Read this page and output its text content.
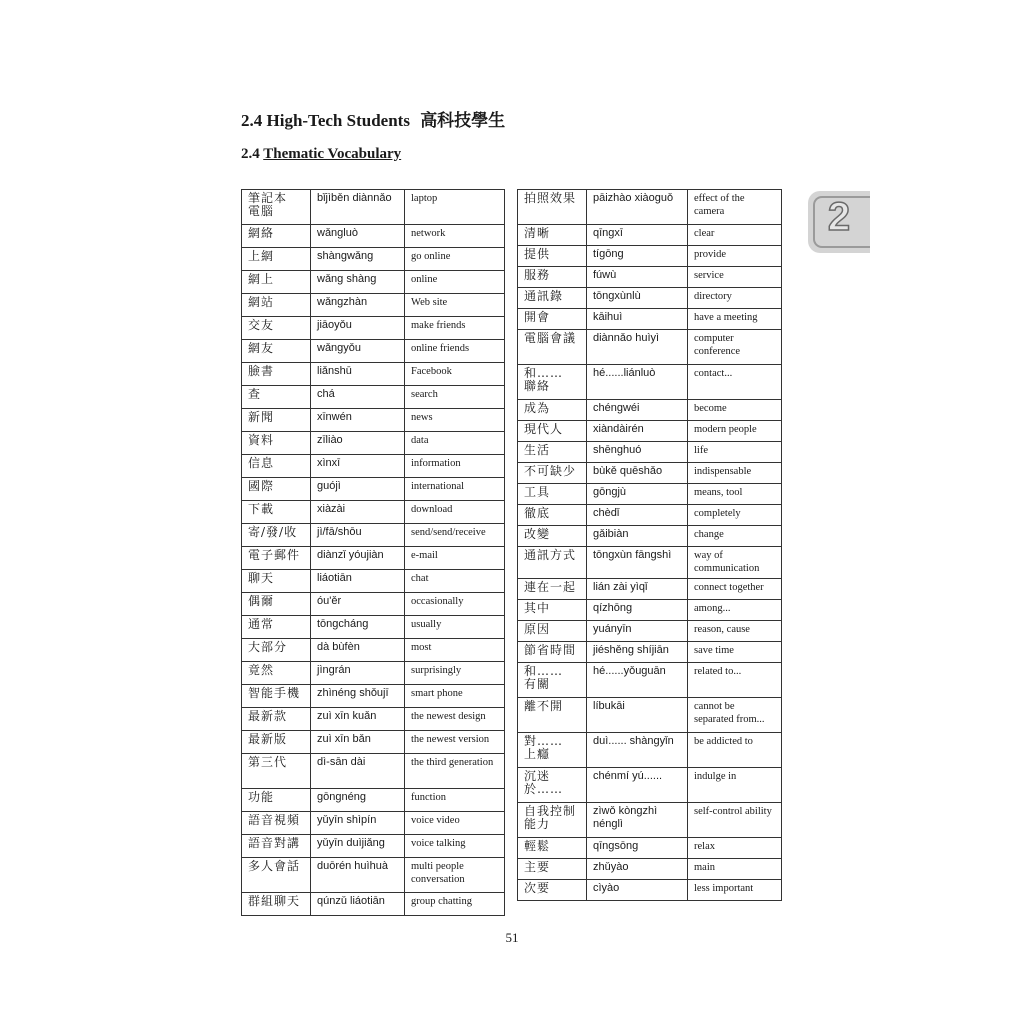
2.4 High-Tech Students 高科技學生
2.4 Thematic Vocabulary
筆記本 電腦	bǐjìběn diànnǎo	laptop
網絡	wǎngluò	network
上網	shàngwǎng	go online
網上	wǎng shàng	online
網站	wǎngzhàn	Web site
交友	jiāoyǒu	make friends
網友	wǎngyǒu	online friends
臉書	liǎnshū	Facebook
查	chá	search
新聞	xīnwén	news
資料	zīliào	data
信息	xìnxī	information
國際	guójì	international
下載	xiàzài	download
寄/發/收	jì/fā/shōu	send/send/receive
電子郵件	diànzǐ yóujiàn	e-mail
聊天	liáotiān	chat
偶爾	óu'ěr	occasionally
通常	tōngcháng	usually
大部分	dà bùfèn	most
竟然	jìngrán	surprisingly
智能手機	zhìnéng shǒujī	smart phone
最新款	zuì xīn kuǎn	the newest design
最新版	zuì xīn bǎn	the newest version
第三代	dì-sān dài	the third generation
功能	gōngnéng	function
語音視頻	yǔyīn shìpín	voice video
語音對講	yǔyīn duìjiǎng	voice talking
多人會話	duōrén huìhuà	multi people conversation
群組聊天	qúnzǔ liáotiān	group chatting
拍照效果	pāizhào xiàoguǒ	effect of the camera
清晰	qīngxī	clear
提供	tígōng	provide
服務	fúwù	service
通訊錄	tōngxùnlù	directory
開會	kāihuì	have a meeting
電腦會議	diànnǎo huìyì	computer conference
和…… 聯絡	hé......liánluò	contact...
成為	chéngwéi	become
現代人	xiàndàirén	modern people
生活	shēnghuó	life
不可缺少	bùkě quēshǎo	indispensable
工具	gōngjù	means, tool
徹底	chèdǐ	completely
改變	gǎibiàn	change
通訊方式	tōngxùn fāngshì	way of communication
連在一起	lián zài yìqǐ	connect together
其中	qízhōng	among...
原因	yuányīn	reason, cause
節省時間	jiéshěng shíjiān	save time
和…… 有關	hé......yǒuguān	related to...
離不開	líbukāi	cannot be separated from...
對…… 上癮	duì...... shàngyǐn	be addicted to
沉迷 於……	chénmí yú......	indulge in
自我控制 能力	zìwǒ kòngzhì nénglì	self-control ability
輕鬆	qīngsōng	relax
主要	zhǔyào	main
次要	cìyào	less important
2
51
